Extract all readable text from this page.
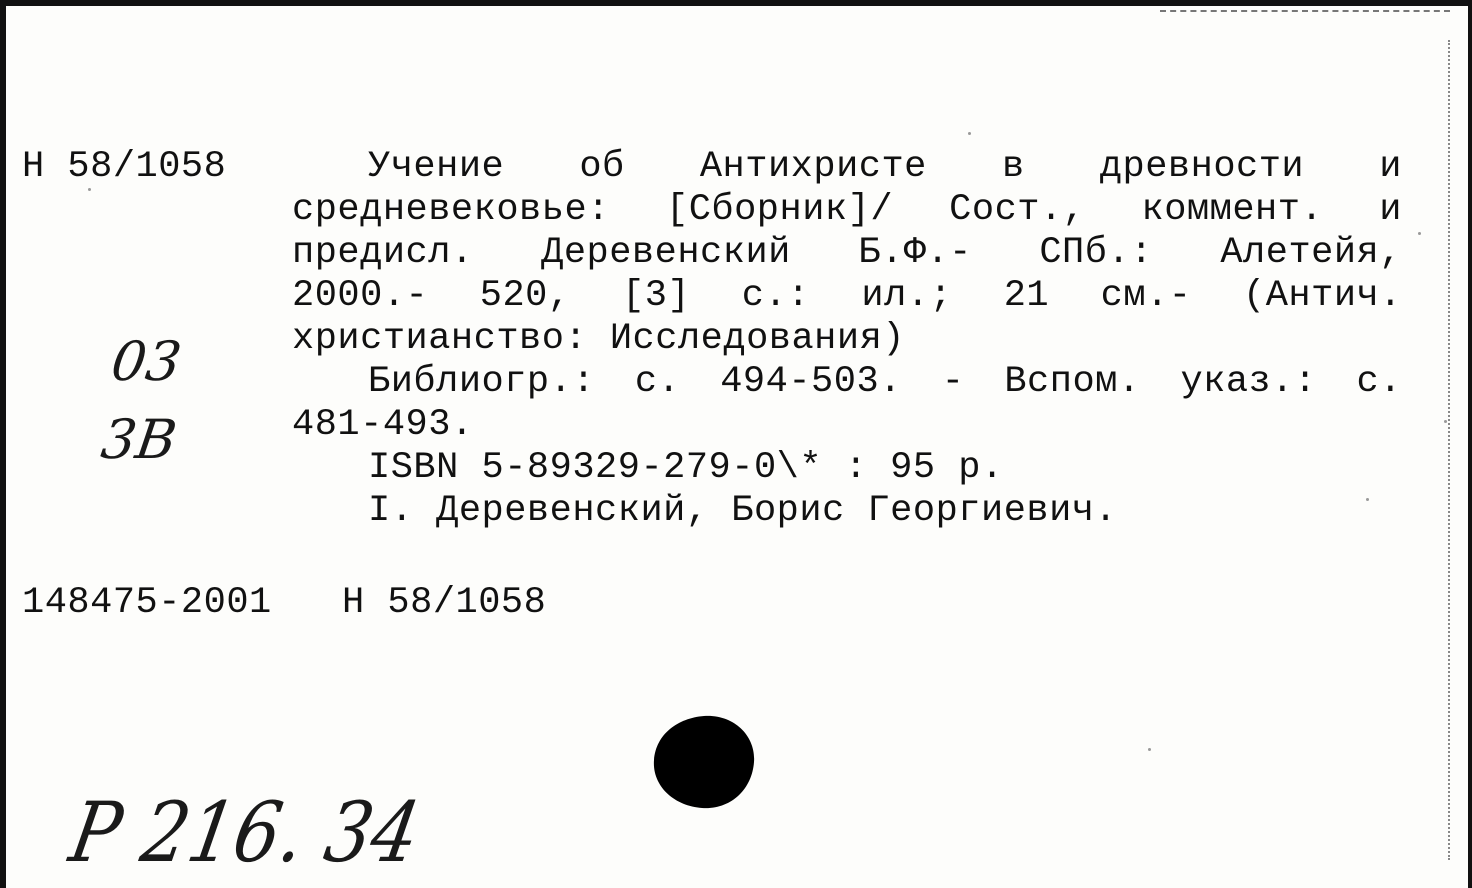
Н 58/1058	Учение об Антихристе в древности и
средневековье: [Сборник]/ Сост., коммент. и
предисл. Деревенский Б.Ф.- СПб.: Алетейя,
2000.- 520, [3] с.: ил.; 21 см.- (Антич.
христианство: Исследования)
Библиогр.: с. 494-503. - Вспом. указ.: с.
481-493.
ISBN 5-89329-279-0\* : 95 р.
I. Деревенский, Борис Георгиевич.
148475-2001 Н 58/1058
03
3В
Р 216. 34
